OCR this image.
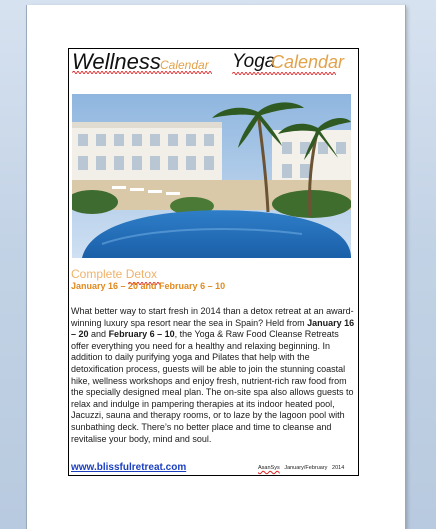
Wellness Calendar Yoga
Calendar
Complete Detox
January 16 – 20 and February 6 – 10
What better way to start fresh in 2014 than a detox retreat at an award-winning luxury spa resort near the sea in Spain? Held from January 16 – 20 and February 6 – 10, the Yoga & Raw Food Cleanse Retreats offer everything you need for a healthy and relaxing beginning. In addition to daily purifying yoga and Pilates that help with the detoxification process, guests will be able to join the stunning coastal hike, wellness workshops and enjoy fresh, nutrient-rich raw food from the specially designed meal plan. The on-site spa also allows guests to relax and indulge in pampering therapies at its indoor heated pool, Jacuzzi, sauna and therapy rooms, or to laze by the lagoon pool with sunbathing deck. There’s no better place and time to cleanse and revitalise your body, mind and soul.
www.blissfulretreat.com	AsanSys January/February 2014
